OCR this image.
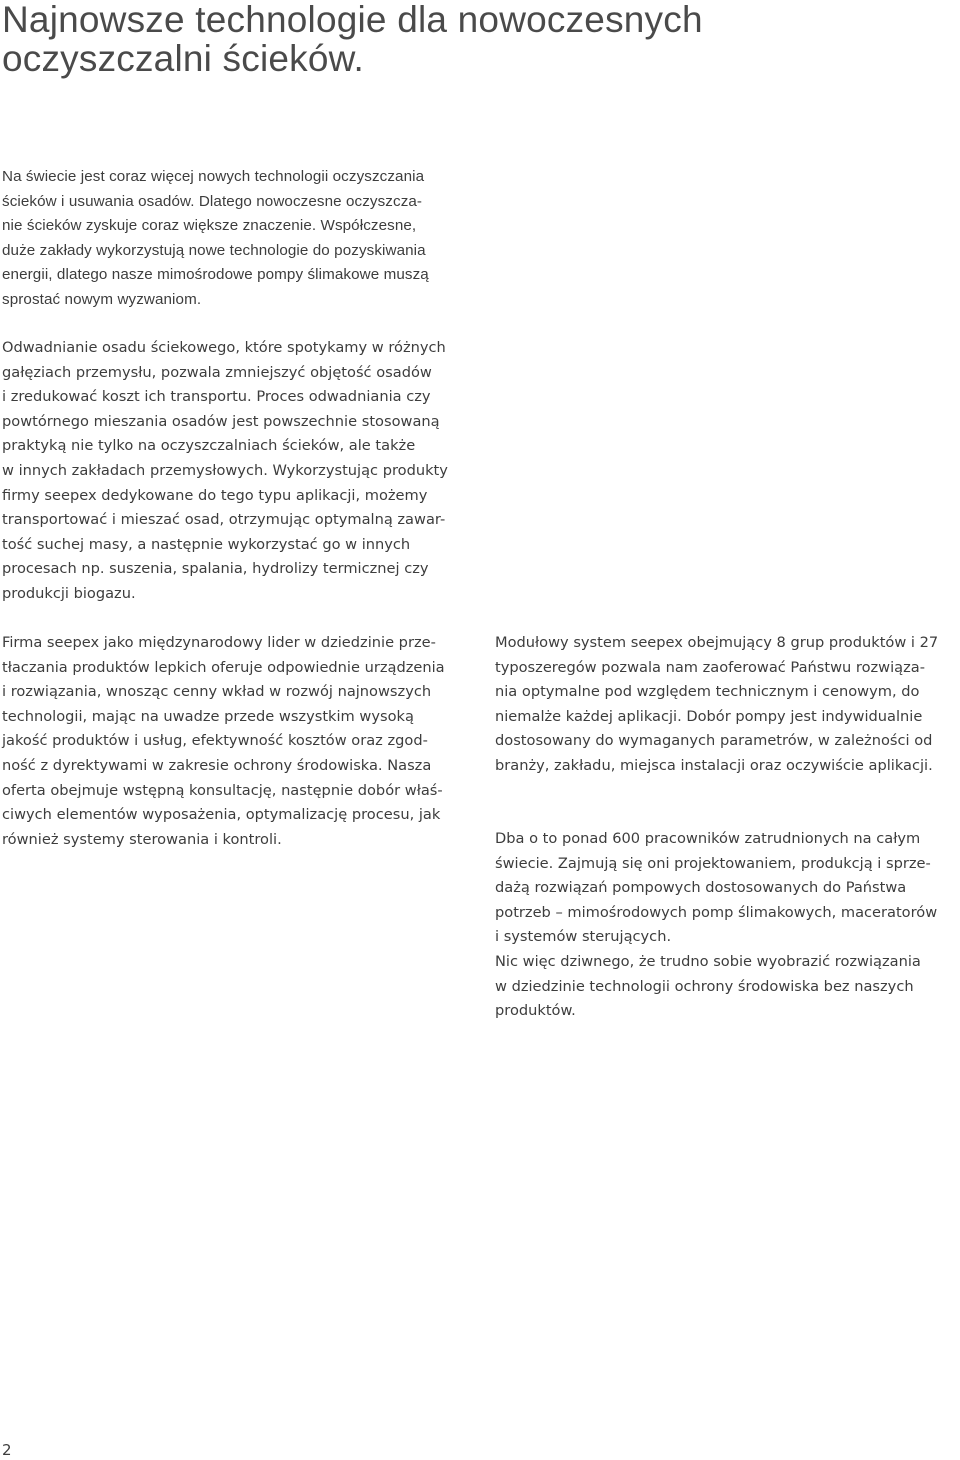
Najnowsze technologie dla nowoczesnych
oczyszczalni ścieków.

Na świecie jest coraz więcej nowych technologii oczyszczania
ścieków i usuwania osadów. Dlatego nowoczesne oczyszcza-
nie ścieków zyskuje coraz większe znaczenie. Współczesne,
duże zakłady wykorzystują nowe technologie do pozyskiwania
energii, dlatego nasze mimośrodowe pompy ślimakowe muszą
sprostać nowym wyzwaniom.

Odwadnianie osadu ściekowego, które spotykamy w różnych
gałęziach przemysłu, pozwala zmniejszyć objętość osadów
i zredukować koszt ich transportu. Proces odwadniania czy
powtórnego mieszania osadów jest powszechnie stosowaną
praktyką nie tylko na oczyszczalniach ścieków, ale także
w innych zakładach przemysłowych. Wykorzystując produkty
firmy seepex dedykowane do tego typu aplikacji, możemy
transportować i mieszać osad, otrzymując optymalną zawar-
tość suchej masy, a następnie wykorzystać go w innych
procesach np. suszenia, spalania, hydrolizy termicznej czy
produkcji biogazu.

Firma seepex jako międzynarodowy lider w dziedzinie prze-
tłaczania produktów lepkich oferuje odpowiednie urządzenia
i rozwiązania, wnosząc cenny wkład w rozwój najnowszych
technologii, mając na uwadze przede wszystkim wysoką
jakość produktów i usług, efektywność kosztów oraz zgod-
ność z dyrektywami w zakresie ochrony środowiska. Nasza
oferta obejmuje wstępną konsultację, następnie dobór właś-
ciwych elementów wyposażenia, optymalizację procesu, jak
również systemy sterowania i kontroli.

Modułowy system seepex obejmujący 8 grup produktów i 27
typoszeregów pozwala nam zaoferować Państwu rozwiąza-
nia optymalne pod względem technicznym i cenowym, do
niemalże każdej aplikacji. Dobór pompy jest indywidualnie
dostosowany do wymaganych parametrów, w zależności od
branży, zakładu, miejsca instalacji oraz oczywiście aplikacji.

Dba o to ponad 600 pracowników zatrudnionych na całym
świecie. Zajmują się oni projektowaniem, produkcją i sprze-
dażą rozwiązań pompowych dostosowanych do Państwa
potrzeb – mimośrodowych pomp ślimakowych, maceratorów
i systemów sterujących.

Nic więc dziwnego, że trudno sobie wyobrazić rozwiązania
w dziedzinie technologii ochrony środowiska bez naszych
produktów.

2
